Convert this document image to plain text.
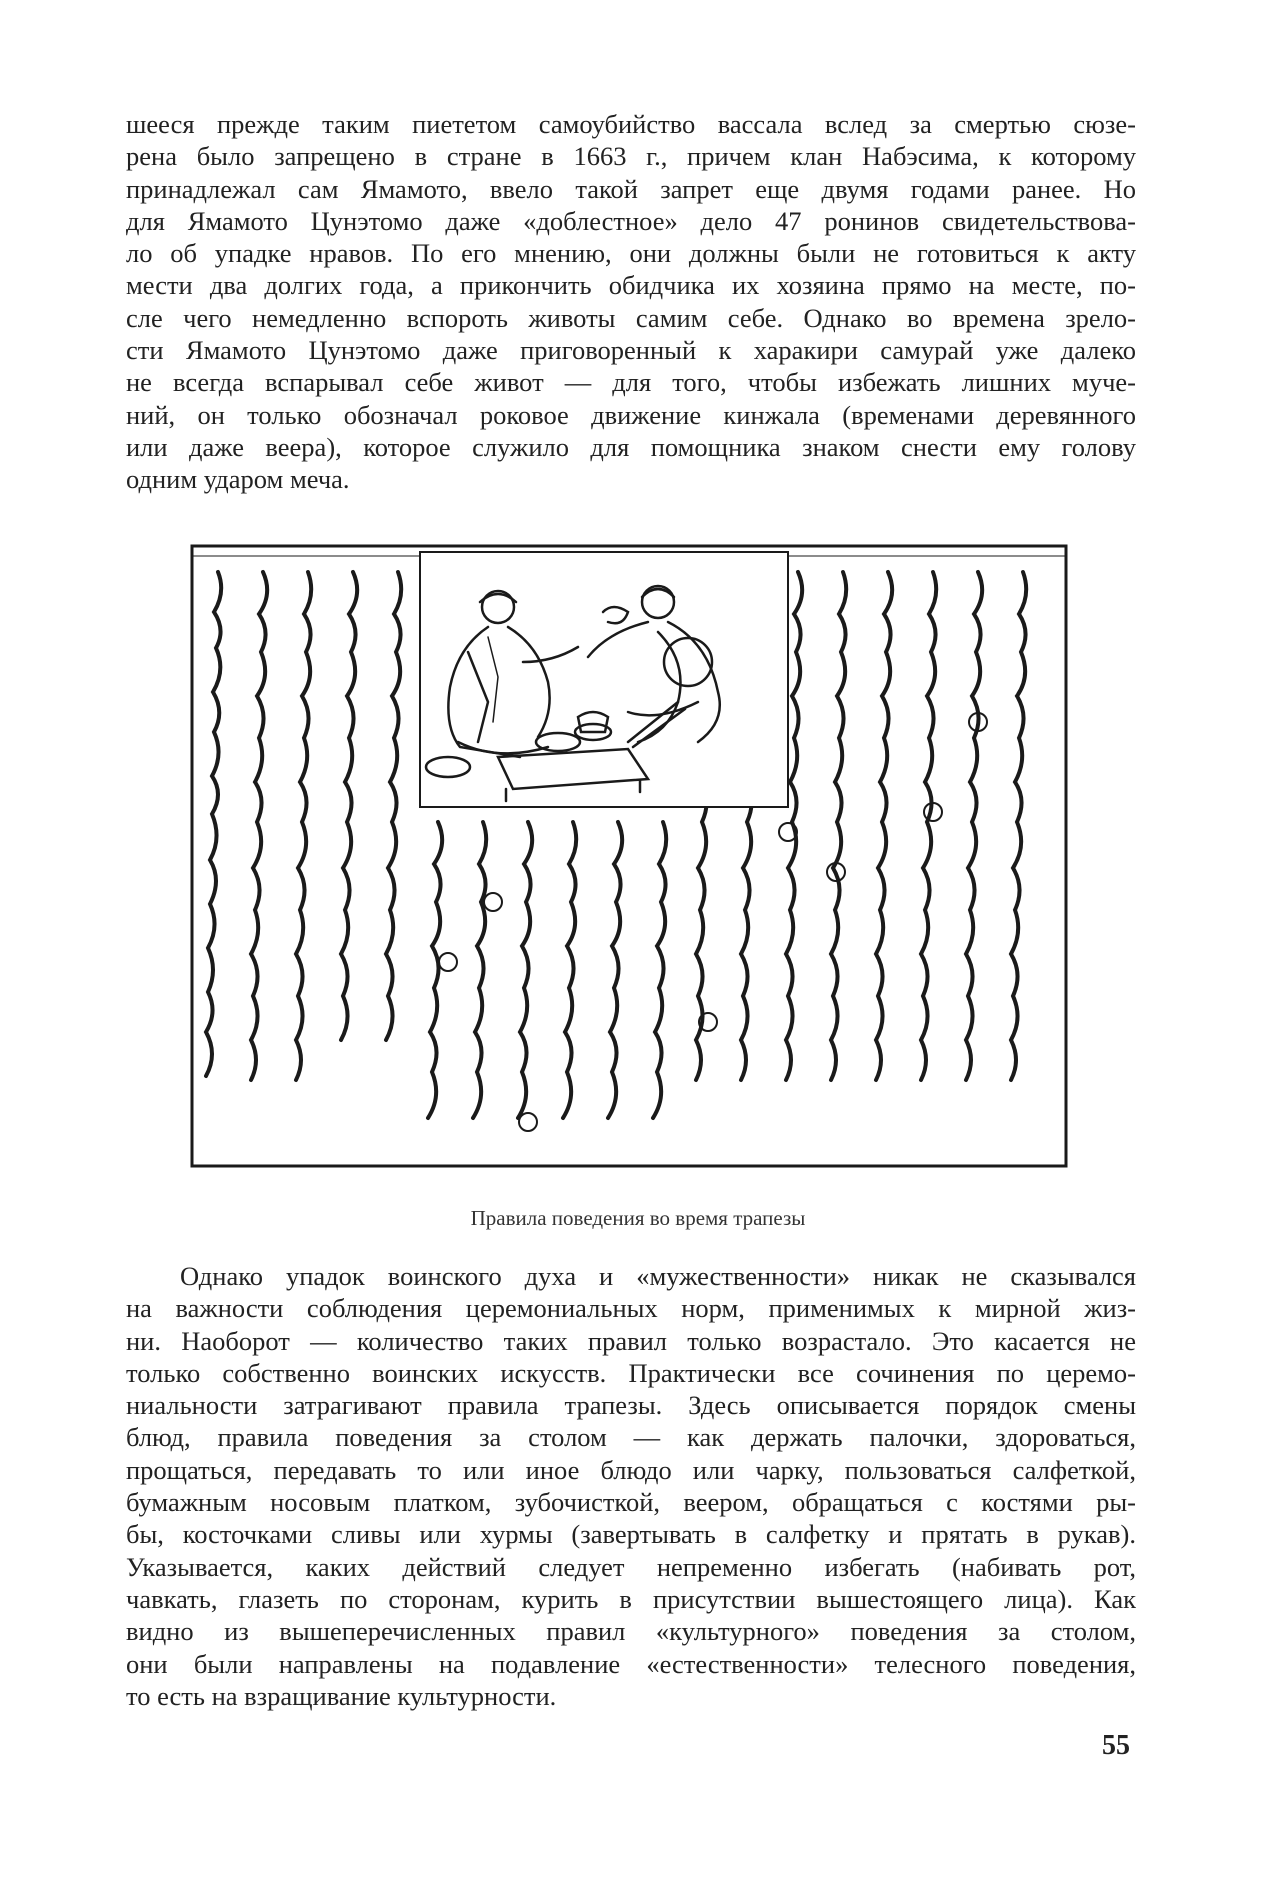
шееся прежде таким пиететом самоубийство вассала вслед за смертью сюзе-
рена было запрещено в стране в 1663 г., причем клан Набэсима, к которому
принадлежал сам Ямамото, ввело такой запрет еще двумя годами ранее. Но
для Ямамото Цунэтомо даже «доблестное» дело 47 ронинов свидетельствова-
ло об упадке нравов. По его мнению, они должны были не готовиться к акту
мести два долгих года, а прикончить обидчика их хозяина прямо на месте, по-
сле чего немедленно вспороть животы самим себе. Однако во времена зрело-
сти Ямамото Цунэтомо даже приговоренный к харакири самурай уже далеко
не всегда вспарывал себе живот — для того, чтобы избежать лишних муче-
ний, он только обозначал роковое движение кинжала (временами деревянного
или даже веера), которое служило для помощника знаком снести ему голову
одним ударом меча.
Правила поведения во время трапезы
Однако упадок воинского духа и «мужественности» никак не сказывался
на важности соблюдения церемониальных норм, применимых к мирной жиз-
ни. Наоборот — количество таких правил только возрастало. Это касается не
только собственно воинских искусств. Практически все сочинения по церемо-
ниальности затрагивают правила трапезы. Здесь описывается порядок смены
блюд, правила поведения за столом — как держать палочки, здороваться,
прощаться, передавать то или иное блюдо или чарку, пользоваться салфеткой,
бумажным носовым платком, зубочисткой, веером, обращаться с костями ры-
бы, косточками сливы или хурмы (завертывать в салфетку и прятать в рукав).
Указывается, каких действий следует непременно избегать (набивать рот,
чавкать, глазеть по сторонам, курить в присутствии вышестоящего лица). Как
видно из вышеперечисленных правил «культурного» поведения за столом,
они были направлены на подавление «естественности» телесного поведения,
то есть на взращивание культурности.
55
